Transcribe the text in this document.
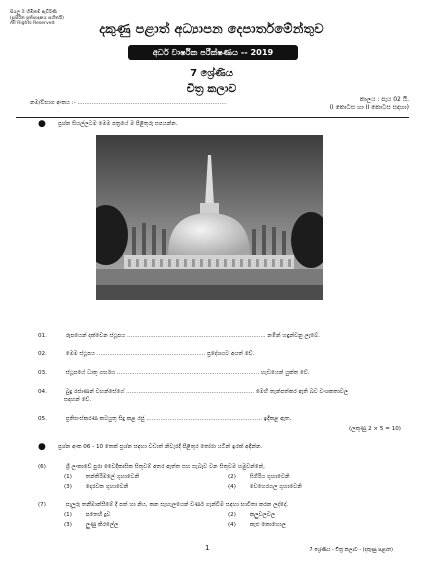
සියලු ම හිමිකම් ඇවිරිණි
(සුපිරිත ප්‍රතිපාදනය සහිතයි)
All Rights Reserved	දකුණු පළාත් අධ්‍යාපන දෙපාර්තමේන්තුව
අර්ධ වාර්ෂික පරීක්ෂණය -- 2019
7 ශ්‍රේණිය
චිත්‍ර කලාව
නම/විභාග අංකය :- ....................................................................................	කාලය : පැය 02 යි.
(I කොටස හා II කොටස සඳහා)
● ප්‍රශ්න සියල්ලටම මෙම පත්‍රයේ ම පිළිතුරු සපයන්න.
01.	රූපයෙන් දක්වෙන ස්ථූපය .............................................................................. නමින් හඳුන්වනු ලැබේ.
02.	මෙම ස්ථූපය ............................................................. ප්‍රදේශයට අයත් වේ.
03.	ස්ථූපයේ ධාතු ගර්භය ................................................................................ හැඩයෙන් යුක්ත වේ.
04.	බුදු රජාණන් වහන්සේගේ ........................................................................ මෙහි තැන්පත්කර ඇති බව වංශකතාවල
සඳහන් වේ.
05.	ප්‍රතිසංස්කරණ කටයුතු සිදු කළ රජු ................................................................. ඉදිකළ ඇත.
(ලකුණු 2 × 5 = 10)
● ප්‍රශ්න අංක 06 - 10 තෙක් ප්‍රශ්න සඳහා වඩාත් නිවැරදි පිළිතුර තෝරා යටින් ඉරක් අඳින්න.
(6)	ශ්‍රී ලංකාවේ පුරා වෛදිකාසික සිතුවම් අතර ඇත්ත සහ සැබෑව වන සිතුවම හමුවන්නේ,
(1) තන්තිරිමලේ ගුහාවෙනි	(2) සිගිරිය ගුහාවෙනි
(3) දොරවක ගුහාවෙනි	(4) වෙහෙරගල ගුහාවෙනි
(7)	පැලූරු තනීමාන්සීමේ දී පත් හා නිය, කන සැහැලයෙන් වර්ණ ගැන්වීම සඳහා භාවිතා කරන ලද්දේ,
(1) පතෙහි දුව	(2) කලුවලවල
(3) ලුණු කිරලේල	(4) කැළු කොහොල
1	7 ශ්‍රේණිය - චිත්‍ර කලාව - (දකුණු පළාත)
